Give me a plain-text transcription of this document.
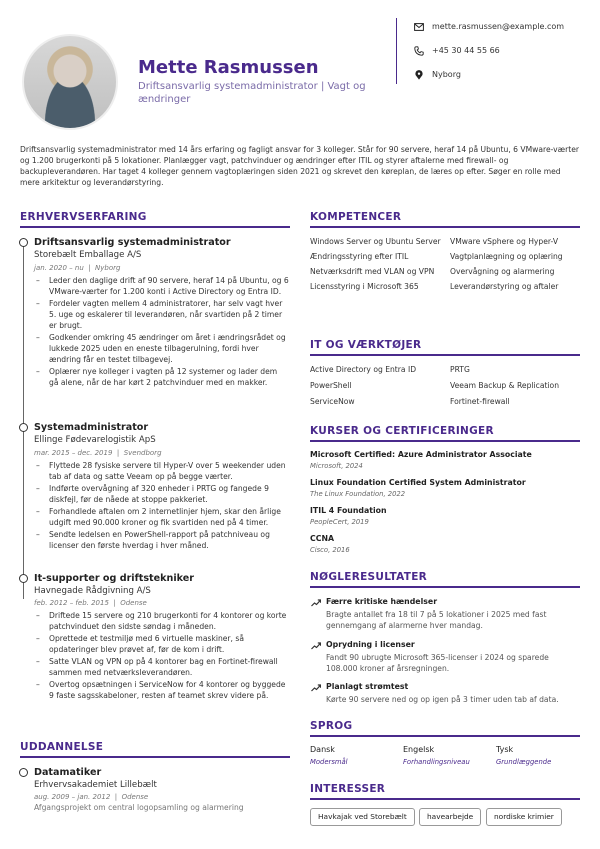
Mette Rasmussen
Driftsansvarlig systemadministrator | Vagt og ændringer
mette.rasmussen@example.com
+45 30 44 55 66
Nyborg
Driftsansvarlig systemadministrator med 14 års erfaring og fagligt ansvar for 3 kolleger. Står for 90 servere, heraf 14 på Ubuntu, 6 VMware-værter og 1.200 brugerkonti på 5 lokationer. Planlægger vagt, patchvinduer og ændringer efter ITIL og styrer aftalerne med firewall- og backupleverandøren. Har taget 4 kolleger gennem vagtoplæringen siden 2021 og skrevet den køreplan, de læres op efter. Søger en rolle med mere arkitektur og leverandørstyring.
ERHVERVSERFARING
Driftsansvarlig systemadministrator
Storebælt Emballage A/S
jan. 2020 – nu  |  Nyborg
– Leder den daglige drift af 90 servere, heraf 14 på Ubuntu, og 6 VMware-værter for 1.200 konti i Active Directory og Entra ID.
– Fordeler vagten mellem 4 administratorer, har selv vagt hver 5. uge og eskalerer til leverandøren, når svartiden på 2 timer er brugt.
– Godkender omkring 45 ændringer om året i ændringsrådet og lukkede 2025 uden en eneste tilbagerulning, fordi hver ændring får en testet tilbagevej.
– Oplærer nye kolleger i vagten på 12 systemer og lader dem gå alene, når de har kørt 2 patchvinduer med en makker.
Systemadministrator
Ellinge Fødevarelogistik ApS
mar. 2015 – dec. 2019  |  Svendborg
– Flyttede 28 fysiske servere til Hyper-V over 5 weekender uden tab af data og satte Veeam op på begge værter.
– Indførte overvågning af 320 enheder i PRTG og fangede 9 diskfejl, før de nåede at stoppe pakkeriet.
– Forhandlede aftalen om 2 internetlinjer hjem, skar den årlige udgift med 90.000 kroner og fik svartiden ned på 4 timer.
– Sendte ledelsen en PowerShell-rapport på patchniveau og licenser den første hverdag i hver måned.
It-supporter og driftstekniker
Havnegade Rådgivning A/S
feb. 2012 – feb. 2015  |  Odense
– Driftede 15 servere og 210 brugerkonti for 4 kontorer og korte patchvinduet den sidste søndag i måneden.
– Oprettede et testmiljø med 6 virtuelle maskiner, så opdateringer blev prøvet af, før de kom i drift.
– Satte VLAN og VPN op på 4 kontorer bag en Fortinet-firewall sammen med netværksleverandøren.
– Overtog opsætningen i ServiceNow for 4 kontorer og byggede 9 faste sagsskabeloner, resten af teamet skrev videre på.
UDDANNELSE
Datamatiker
Erhvervsakademiet Lillebælt
aug. 2009 – jan. 2012  |  Odense
Afgangsprojekt om central logopsamling og alarmering
KOMPETENCER
Windows Server og Ubuntu Server	VMware vSphere og Hyper-V
Ændringsstyring efter ITIL	Vagtplanlægning og oplæring
Netværksdrift med VLAN og VPN	Overvågning og alarmering
Licensstyring i Microsoft 365	Leverandørstyring og aftaler
IT OG VÆRKTØJER
Active Directory og Entra ID	PRTG
PowerShell	Veeam Backup & Replication
ServiceNow	Fortinet-firewall
KURSER OG CERTIFICERINGER
Microsoft Certified: Azure Administrator Associate
Microsoft, 2024
Linux Foundation Certified System Administrator
The Linux Foundation, 2022
ITIL 4 Foundation
PeopleCert, 2019
CCNA
Cisco, 2016
NØGLERESULTATER
Færre kritiske hændelser
Bragte antallet fra 18 til 7 på 5 lokationer i 2025 med fast gennemgang af alarmerne hver mandag.
Oprydning i licenser
Fandt 90 ubrugte Microsoft 365-licenser i 2024 og sparede 108.000 kroner af årsregningen.
Planlagt strømtest
Kørte 90 servere ned og op igen på 3 timer uden tab af data.
SPROG
Dansk
Modersmål
Engelsk
Forhandlingsniveau
Tysk
Grundlæggende
INTERESSER
Havkajak ved Storebælt	havearbejde	nordiske krimier
